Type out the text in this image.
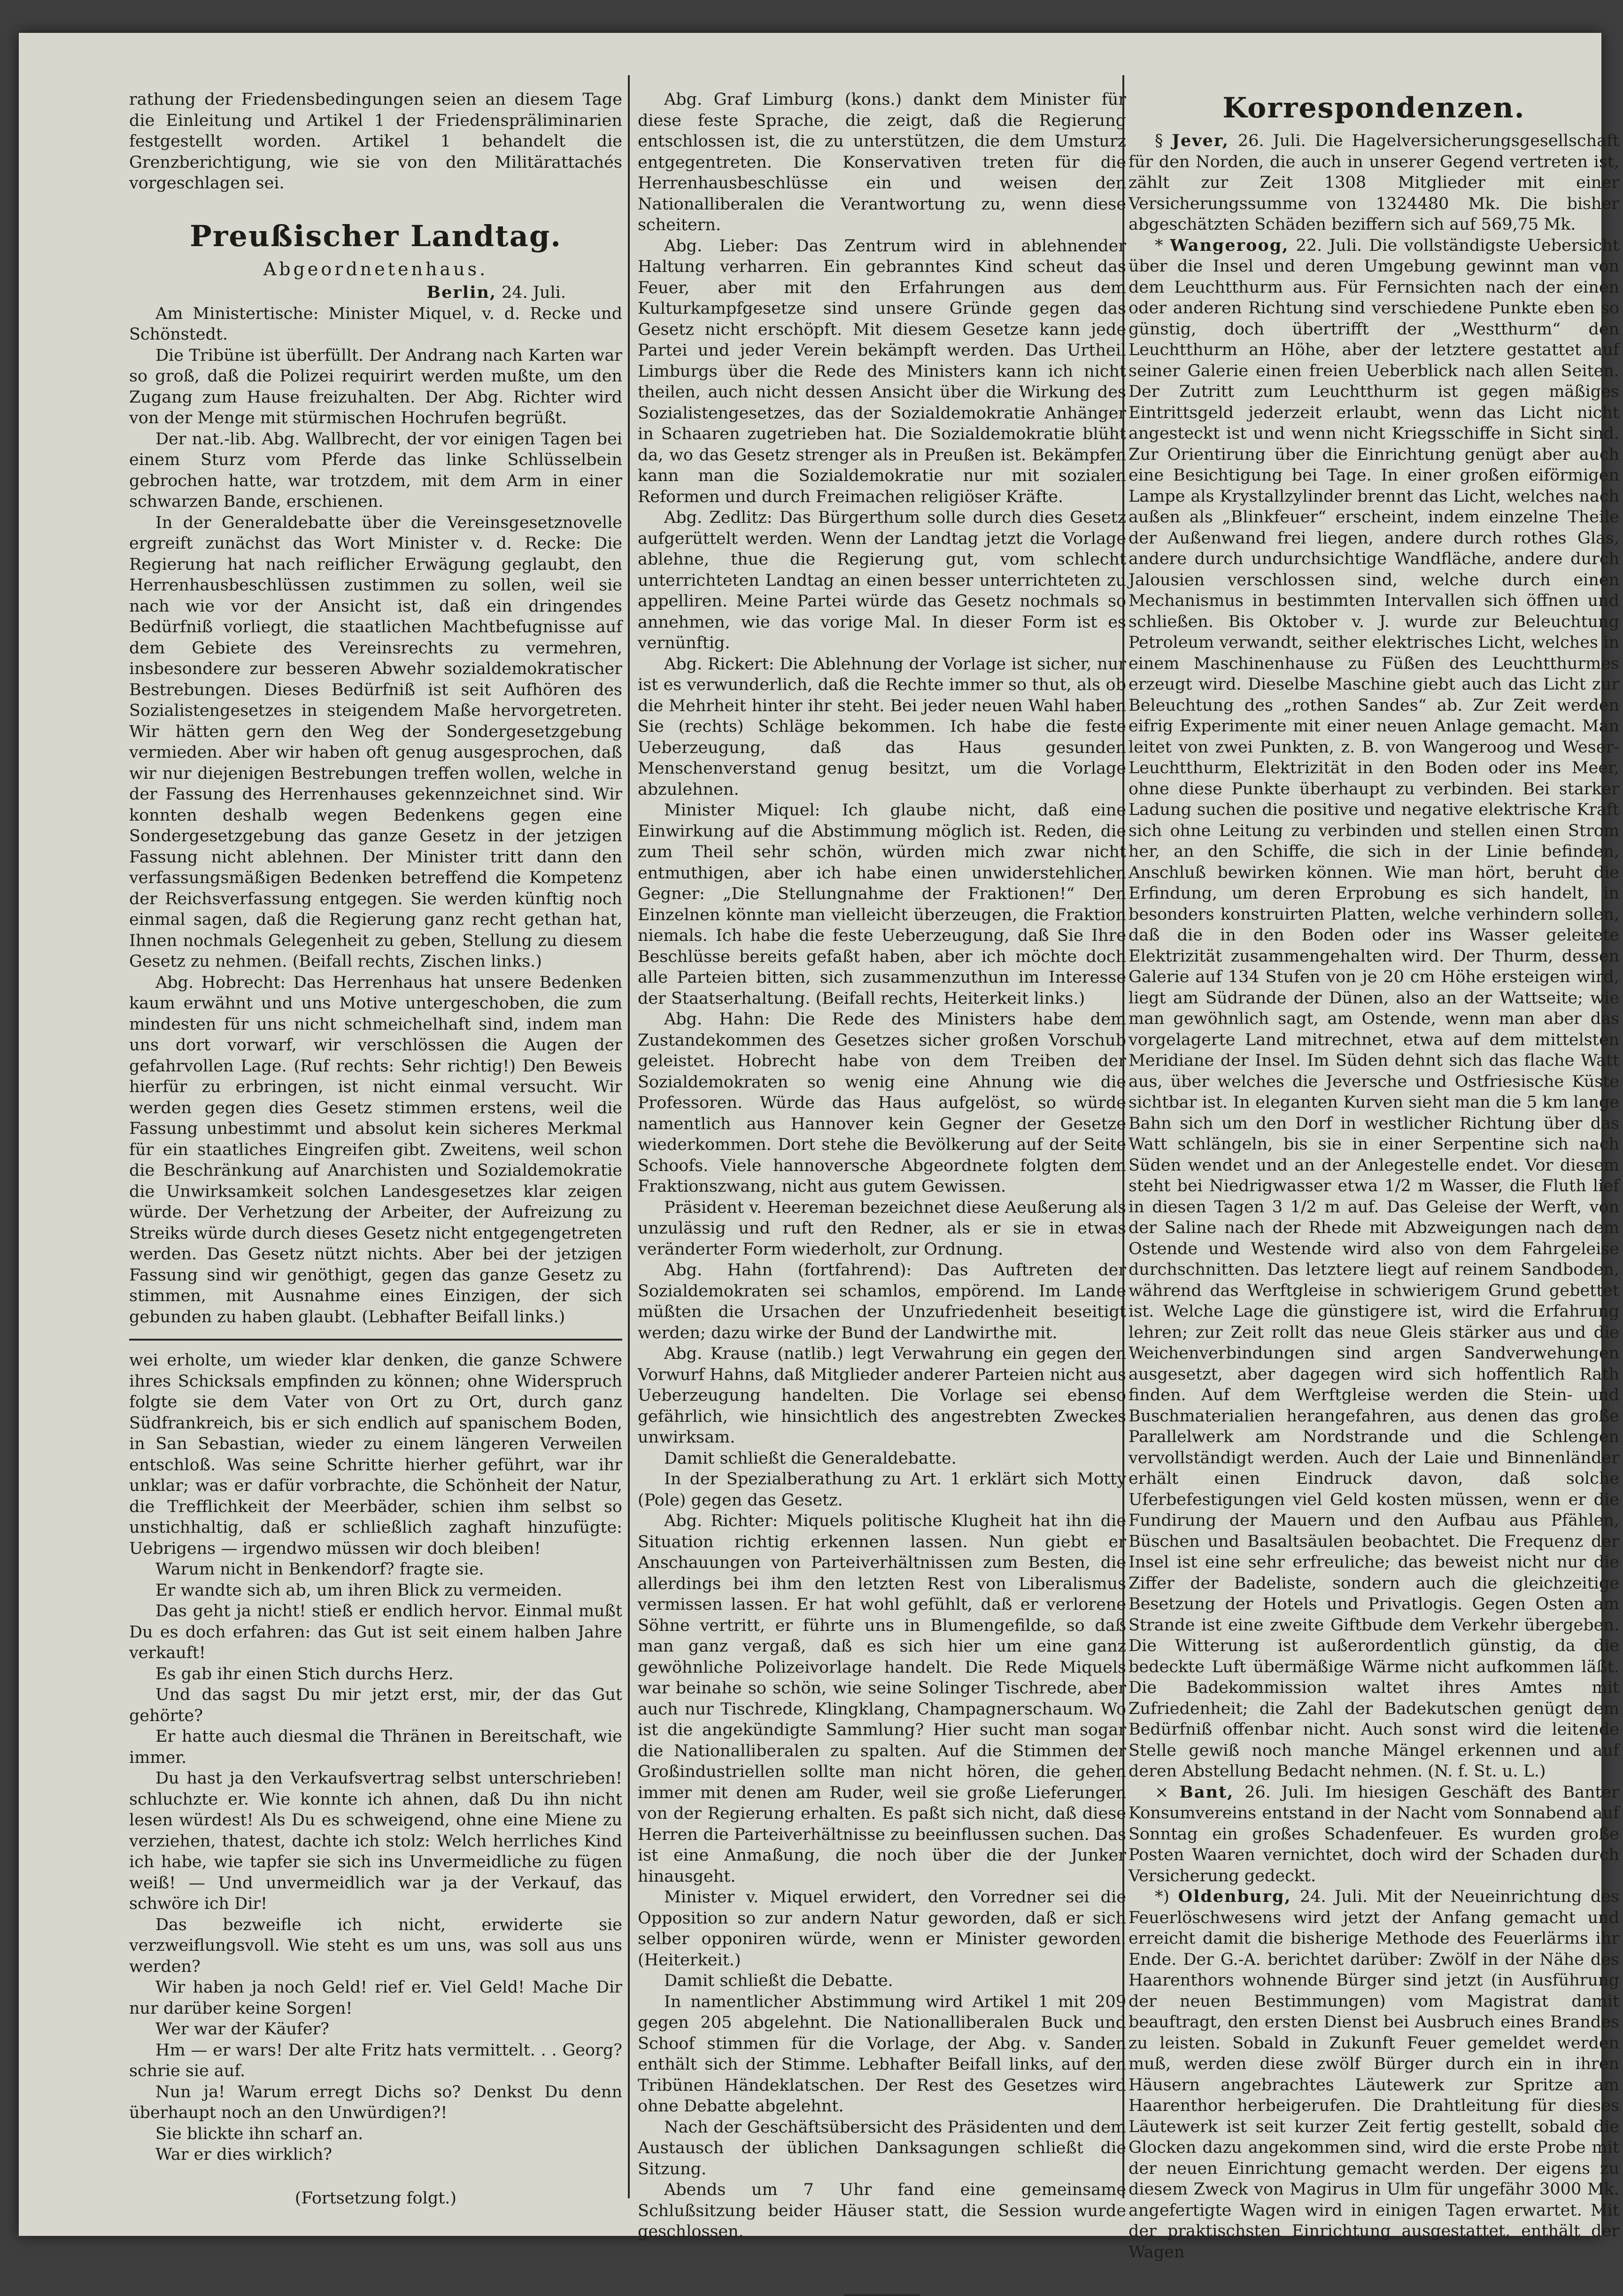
rathung der Friedensbedingungen seien an diesem Tage die Einleitung und Artikel 1 der Friedenspräliminarien festgestellt worden. Artikel 1 behandelt die Grenzberichtigung, wie sie von den Militärattachés vorgeschlagen sei.

Preußischer Landtag.
Abgeordnetenhaus.
Berlin, 24. Juli.

Am Ministertische: Minister Miquel, v. d. Recke und Schönstedt.

Die Tribüne ist überfüllt. Der Andrang nach Karten war so groß, daß die Polizei requirirt werden mußte, um den Zugang zum Hause freizuhalten. Der Abg. Richter wird von der Menge mit stürmischen Hochrufen begrüßt.

Der nat.-lib. Abg. Wallbrecht, der vor einigen Tagen bei einem Sturz vom Pferde das linke Schlüsselbein gebrochen hatte, war trotzdem, mit dem Arm in einer schwarzen Bande, erschienen.

In der Generaldebatte über die Vereinsgesetznovelle ergreift zunächst das Wort Minister v. d. Recke: Die Regierung hat nach reiflicher Erwägung geglaubt, den Herrenhausbeschlüssen zustimmen zu sollen, weil sie nach wie vor der Ansicht ist, daß ein dringendes Bedürfniß vorliegt, die staatlichen Machtbefugnisse auf dem Gebiete des Vereinsrechts zu vermehren, insbesondere zur besseren Abwehr sozialdemokratischer Bestrebungen. Dieses Bedürfniß ist seit Aufhören des Sozialistengesetzes in steigendem Maße hervorgetreten. Wir hätten gern den Weg der Sondergesetzgebung vermieden. Aber wir haben oft genug ausgesprochen, daß wir nur diejenigen Bestrebungen treffen wollen, welche in der Fassung des Herrenhauses gekennzeichnet sind. Wir konnten deshalb wegen Bedenkens gegen eine Sondergesetzgebung das ganze Gesetz in der jetzigen Fassung nicht ablehnen. Der Minister tritt dann den verfassungsmäßigen Bedenken betreffend die Kompetenz der Reichsverfassung entgegen. Sie werden künftig noch einmal sagen, daß die Regierung ganz recht gethan hat, Ihnen nochmals Gelegenheit zu geben, Stellung zu diesem Gesetz zu nehmen. (Beifall rechts, Zischen links.)

Abg. Hobrecht: Das Herrenhaus hat unsere Bedenken kaum erwähnt und uns Motive untergeschoben, die zum mindesten für uns nicht schmeichelhaft sind, indem man uns dort vorwarf, wir verschlössen die Augen der gefahrvollen Lage. (Ruf rechts: Sehr richtig!) Den Beweis hierfür zu erbringen, ist nicht einmal versucht. Wir werden gegen dies Gesetz stimmen erstens, weil die Fassung unbestimmt und absolut kein sicheres Merkmal für ein staatliches Eingreifen gibt. Zweitens, weil schon die Beschränkung auf Anarchisten und Sozialdemokratie die Unwirksamkeit solchen Landesgesetzes klar zeigen würde. Der Verhetzung der Arbeiter, der Aufreizung zu Streiks würde durch dieses Gesetz nicht entgegengetreten werden. Das Gesetz nützt nichts. Aber bei der jetzigen Fassung sind wir genöthigt, gegen das ganze Gesetz zu stimmen, mit Ausnahme eines Einzigen, der sich gebunden zu haben glaubt. (Lebhafter Beifall links.)

wei erholte, um wieder klar denken, die ganze Schwere ihres Schicksals empfinden zu können; ohne Widerspruch folgte sie dem Vater von Ort zu Ort, durch ganz Südfrankreich, bis er sich endlich auf spanischem Boden, in San Sebastian, wieder zu einem längeren Verweilen entschloß. Was seine Schritte hierher geführt, war ihr unklar; was er dafür vorbrachte, die Schönheit der Natur, die Trefflichkeit der Meerbäder, schien ihm selbst so unstichhaltig, daß er schließlich zaghaft hinzufügte: Uebrigens — irgendwo müssen wir doch bleiben!

Warum nicht in Benkendorf? fragte sie.

Er wandte sich ab, um ihren Blick zu vermeiden.

Das geht ja nicht! stieß er endlich hervor. Einmal mußt Du es doch erfahren: das Gut ist seit einem halben Jahre verkauft!

Es gab ihr einen Stich durchs Herz.

Und das sagst Du mir jetzt erst, mir, der das Gut gehörte?

Er hatte auch diesmal die Thränen in Bereitschaft, wie immer.

Du hast ja den Verkaufsvertrag selbst unterschrieben! schluchzte er. Wie konnte ich ahnen, daß Du ihn nicht lesen würdest! Als Du es schweigend, ohne eine Miene zu verziehen, thatest, dachte ich stolz: Welch herrliches Kind ich habe, wie tapfer sie sich ins Unvermeidliche zu fügen weiß! — Und unvermeidlich war ja der Verkauf, das schwöre ich Dir!

Das bezweifle ich nicht, erwiderte sie verzweiflungsvoll. Wie steht es um uns, was soll aus uns werden?

Wir haben ja noch Geld! rief er. Viel Geld! Mache Dir nur darüber keine Sorgen!

Wer war der Käufer?

Hm — er wars! Der alte Fritz hats vermittelt. . . Georg? schrie sie auf.

Nun ja! Warum erregt Dichs so? Denkst Du denn überhaupt noch an den Unwürdigen?!

Sie blickte ihn scharf an.

War er dies wirklich?

(Fortsetzung folgt.)

Abg. Graf Limburg (kons.) dankt dem Minister für diese feste Sprache, die zeigt, daß die Regierung entschlossen ist, die zu unterstützen, die dem Umsturz entgegentreten. Die Konservativen treten für die Herrenhausbeschlüsse ein und weisen den Nationalliberalen die Verantwortung zu, wenn diese scheitern.

Abg. Lieber: Das Zentrum wird in ablehnender Haltung verharren. Ein gebranntes Kind scheut das Feuer, aber mit den Erfahrungen aus dem Kulturkampfgesetze sind unsere Gründe gegen das Gesetz nicht erschöpft. Mit diesem Gesetze kann jede Partei und jeder Verein bekämpft werden. Das Urtheil Limburgs über die Rede des Ministers kann ich nicht theilen, auch nicht dessen Ansicht über die Wirkung des Sozialistengesetzes, das der Sozialdemokratie Anhänger in Schaaren zugetrieben hat. Die Sozialdemokratie blüht da, wo das Gesetz strenger als in Preußen ist. Bekämpfen kann man die Sozialdemokratie nur mit sozialen Reformen und durch Freimachen religiöser Kräfte.

Abg. Zedlitz: Das Bürgerthum solle durch dies Gesetz aufgerüttelt werden. Wenn der Landtag jetzt die Vorlage ablehne, thue die Regierung gut, vom schlecht unterrichteten Landtag an einen besser unterrichteten zu appelliren. Meine Partei würde das Gesetz nochmals so annehmen, wie das vorige Mal. In dieser Form ist es vernünftig.

Abg. Rickert: Die Ablehnung der Vorlage ist sicher, nur ist es verwunderlich, daß die Rechte immer so thut, als ob die Mehrheit hinter ihr steht. Bei jeder neuen Wahl haben Sie (rechts) Schläge bekommen. Ich habe die feste Ueberzeugung, daß das Haus gesunden Menschenverstand genug besitzt, um die Vorlage abzulehnen.

Minister Miquel: Ich glaube nicht, daß eine Einwirkung auf die Abstimmung möglich ist. Reden, die zum Theil sehr schön, würden mich zwar nicht entmuthigen, aber ich habe einen unwiderstehlichen Gegner: „Die Stellungnahme der Fraktionen!“ Den Einzelnen könnte man vielleicht überzeugen, die Fraktion niemals. Ich habe die feste Ueberzeugung, daß Sie Ihre Beschlüsse bereits gefaßt haben, aber ich möchte doch alle Parteien bitten, sich zusammenzuthun im Interesse der Staatserhaltung. (Beifall rechts, Heiterkeit links.)

Abg. Hahn: Die Rede des Ministers habe dem Zustandekommen des Gesetzes sicher großen Vorschub geleistet. Hobrecht habe von dem Treiben der Sozialdemokraten so wenig eine Ahnung wie die Professoren. Würde das Haus aufgelöst, so würde namentlich aus Hannover kein Gegner der Gesetze wiederkommen. Dort stehe die Bevölkerung auf der Seite Schoofs. Viele hannoversche Abgeordnete folgten dem Fraktionszwang, nicht aus gutem Gewissen.

Präsident v. Heereman bezeichnet diese Aeußerung als unzulässig und ruft den Redner, als er sie in etwas veränderter Form wiederholt, zur Ordnung.

Abg. Hahn (fortfahrend): Das Auftreten der Sozialdemokraten sei schamlos, empörend. Im Lande müßten die Ursachen der Unzufriedenheit beseitigt werden; dazu wirke der Bund der Landwirthe mit.

Abg. Krause (natlib.) legt Verwahrung ein gegen den Vorwurf Hahns, daß Mitglieder anderer Parteien nicht aus Ueberzeugung handelten. Die Vorlage sei ebenso gefährlich, wie hinsichtlich des angestrebten Zweckes unwirksam.

Damit schließt die Generaldebatte.

In der Spezialberathung zu Art. 1 erklärt sich Motty (Pole) gegen das Gesetz.

Abg. Richter: Miquels politische Klugheit hat ihn die Situation richtig erkennen lassen. Nun giebt er Anschauungen von Parteiverhältnissen zum Besten, die allerdings bei ihm den letzten Rest von Liberalismus vermissen lassen. Er hat wohl gefühlt, daß er verlorene Söhne vertritt, er führte uns in Blumengefilde, so daß man ganz vergaß, daß es sich hier um eine ganz gewöhnliche Polizeivorlage handelt. Die Rede Miquels war beinahe so schön, wie seine Solinger Tischrede, aber auch nur Tischrede, Klingklang, Champagnerschaum. Wo ist die angekündigte Sammlung? Hier sucht man sogar die Nationalliberalen zu spalten. Auf die Stimmen der Großindustriellen sollte man nicht hören, die gehen immer mit denen am Ruder, weil sie große Lieferungen von der Regierung erhalten. Es paßt sich nicht, daß diese Herren die Parteiverhältnisse zu beeinflussen suchen. Das ist eine Anmaßung, die noch über die der Junker hinausgeht.

Minister v. Miquel erwidert, den Vorredner sei die Opposition so zur andern Natur geworden, daß er sich selber opponiren würde, wenn er Minister geworden. (Heiterkeit.)

Damit schließt die Debatte.

In namentlicher Abstimmung wird Artikel 1 mit 209 gegen 205 abgelehnt. Die Nationalliberalen Buck und Schoof stimmen für die Vorlage, der Abg. v. Sanden enthält sich der Stimme. Lebhafter Beifall links, auf den Tribünen Händeklatschen. Der Rest des Gesetzes wird ohne Debatte abgelehnt.

Nach der Geschäftsübersicht des Präsidenten und dem Austausch der üblichen Danksagungen schließt die Sitzung.

Abends um 7 Uhr fand eine gemeinsame Schlußsitzung beider Häuser statt, die Session wurde geschlossen.

Korrespondenzen.

§ Jever, 26. Juli. Die Hagelversicherungsgesellschaft für den Norden, die auch in unserer Gegend vertreten ist, zählt zur Zeit 1308 Mitglieder mit einer Versicherungssumme von 1324480 Mk. Die bisher abgeschätzten Schäden beziffern sich auf 569,75 Mk.

* Wangeroog, 22. Juli. Die vollständigste Uebersicht über die Insel und deren Umgebung gewinnt man von dem Leuchtthurm aus. Für Fernsichten nach der einen oder anderen Richtung sind verschiedene Punkte eben so günstig, doch übertrifft der „Westthurm“ den Leuchtthurm an Höhe, aber der letztere gestattet auf seiner Galerie einen freien Ueberblick nach allen Seiten. Der Zutritt zum Leuchtthurm ist gegen mäßiges Eintrittsgeld jederzeit erlaubt, wenn das Licht nicht angesteckt ist und wenn nicht Kriegsschiffe in Sicht sind. Zur Orientirung über die Einrichtung genügt aber auch eine Besichtigung bei Tage. In einer großen eiförmigen Lampe als Krystallzylinder brennt das Licht, welches nach außen als „Blinkfeuer“ erscheint, indem einzelne Theile der Außenwand frei liegen, andere durch rothes Glas, andere durch undurchsichtige Wandfläche, andere durch Jalousien verschlossen sind, welche durch einen Mechanismus in bestimmten Intervallen sich öffnen und schließen. Bis Oktober v. J. wurde zur Beleuchtung Petroleum verwandt, seither elektrisches Licht, welches in einem Maschinenhause zu Füßen des Leuchtthurmes erzeugt wird. Dieselbe Maschine giebt auch das Licht zur Beleuchtung des „rothen Sandes“ ab. Zur Zeit werden eifrig Experimente mit einer neuen Anlage gemacht. Man leitet von zwei Punkten, z. B. von Wangeroog und Weser-Leuchtthurm, Elektrizität in den Boden oder ins Meer, ohne diese Punkte überhaupt zu verbinden. Bei starker Ladung suchen die positive und negative elektrische Kraft sich ohne Leitung zu verbinden und stellen einen Strom her, an den Schiffe, die sich in der Linie befinden, Anschluß bewirken können. Wie man hört, beruht die Erfindung, um deren Erprobung es sich handelt, in besonders konstruirten Platten, welche verhindern sollen, daß die in den Boden oder ins Wasser geleitete Elektrizität zusammengehalten wird. Der Thurm, dessen Galerie auf 134 Stufen von je 20 cm Höhe ersteigen wird, liegt am Südrande der Dünen, also an der Wattseite; wie man gewöhnlich sagt, am Ostende, wenn man aber das vorgelagerte Land mitrechnet, etwa auf dem mittelsten Meridiane der Insel. Im Süden dehnt sich das flache Watt aus, über welches die Jeversche und Ostfriesische Küste sichtbar ist. In eleganten Kurven sieht man die 5 km lange Bahn sich um den Dorf in westlicher Richtung über das Watt schlängeln, bis sie in einer Serpentine sich nach Süden wendet und an der Anlegestelle endet. Vor diesem steht bei Niedrigwasser etwa 1/2 m Wasser, die Fluth lief in diesen Tagen 3 1/2 m auf. Das Geleise der Werft, von der Saline nach der Rhede mit Abzweigungen nach dem Ostende und Westende wird also von dem Fahrgeleise durchschnitten. Das letztere liegt auf reinem Sandboden, während das Werftgleise in schwierigem Grund gebettet ist. Welche Lage die günstigere ist, wird die Erfahrung lehren; zur Zeit rollt das neue Gleis stärker aus und die Weichenverbindungen sind argen Sandverwehungen ausgesetzt, aber dagegen wird sich hoffentlich Rath finden. Auf dem Werftgleise werden die Stein- und Buschmaterialien herangefahren, aus denen das große Parallelwerk am Nordstrande und die Schlengen vervollständigt werden. Auch der Laie und Binnenländer erhält einen Eindruck davon, daß solche Uferbefestigungen viel Geld kosten müssen, wenn er die Fundirung der Mauern und den Aufbau aus Pfählen, Büschen und Basaltsäulen beobachtet. Die Frequenz der Insel ist eine sehr erfreuliche; das beweist nicht nur die Ziffer der Badeliste, sondern auch die gleichzeitige Besetzung der Hotels und Privatlogis. Gegen Osten am Strande ist eine zweite Giftbude dem Verkehr übergeben. Die Witterung ist außerordentlich günstig, da die bedeckte Luft übermäßige Wärme nicht aufkommen läßt. Die Badekommission waltet ihres Amtes mit Zufriedenheit; die Zahl der Badekutschen genügt dem Bedürfniß offenbar nicht. Auch sonst wird die leitende Stelle gewiß noch manche Mängel erkennen und auf deren Abstellung Bedacht nehmen. (N. f. St. u. L.)

⨯ Bant, 26. Juli. Im hiesigen Geschäft des Banter Konsumvereins entstand in der Nacht vom Sonnabend auf Sonntag ein großes Schadenfeuer. Es wurden große Posten Waaren vernichtet, doch wird der Schaden durch Versicherung gedeckt.

*) Oldenburg, 24. Juli. Mit der Neueinrichtung des Feuerlöschwesens wird jetzt der Anfang gemacht und erreicht damit die bisherige Methode des Feuerlärms ihr Ende. Der G.-A. berichtet darüber: Zwölf in der Nähe des Haarenthors wohnende Bürger sind jetzt (in Ausführung der neuen Bestimmungen) vom Magistrat damit beauftragt, den ersten Dienst bei Ausbruch eines Brandes zu leisten. Sobald in Zukunft Feuer gemeldet werden muß, werden diese zwölf Bürger durch ein in ihren Häusern angebrachtes Läutewerk zur Spritze am Haarenthor herbeigerufen. Die Drahtleitung für dieses Läutewerk ist seit kurzer Zeit fertig gestellt, sobald die Glocken dazu angekommen sind, wird die erste Probe mit der neuen Einrichtung gemacht werden. Der eigens zu diesem Zweck von Magirus in Ulm für ungefähr 3000 Mk. angefertigte Wagen wird in einigen Tagen erwartet. Mit der praktischsten Einrichtung ausgestattet, enthält der Wagen
